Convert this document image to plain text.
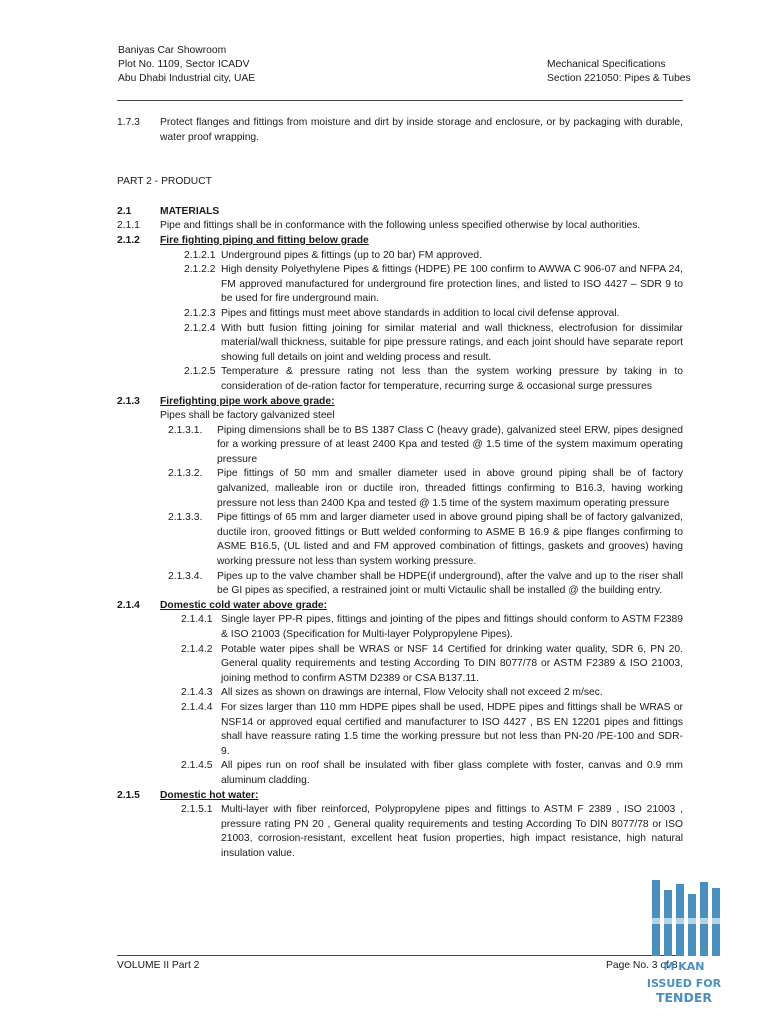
Baniyas Car Showroom
Plot No. 1109, Sector ICADV
Abu Dhabi Industrial city, UAE
Mechanical Specifications
Section 221050: Pipes & Tubes
1.7.3	Protect flanges and fittings from moisture and dirt by inside storage and enclosure, or by packaging with durable, water proof wrapping.
PART 2 - PRODUCT
2.1	MATERIALS
2.1.1	Pipe and fittings shall be in conformance with the following unless specified otherwise by local authorities.
2.1.2	Fire fighting piping and fitting below grade
2.1.2.1 Underground pipes & fittings (up to 20 bar) FM approved.
2.1.2.2 High density Polyethylene Pipes & fittings (HDPE) PE 100 confirm to AWWA C 906-07 and NFPA 24, FM approved manufactured for underground fire protection lines, and listed to ISO 4427 – SDR 9 to be used for fire underground main.
2.1.2.3 Pipes and fittings must meet above standards in addition to local civil defense approval.
2.1.2.4 With butt fusion fitting joining for similar material and wall thickness, electrofusion for dissimilar material/wall thickness, suitable for pipe pressure ratings, and each joint should have separate report showing full details on joint and welding process and result.
2.1.2.5 Temperature & pressure rating not less than the system working pressure by taking in to consideration of de-ration factor for temperature, recurring surge & occasional surge pressures
2.1.3	Firefighting pipe work above grade:
Pipes shall be factory galvanized steel
2.1.3.1.	Piping dimensions shall be to BS 1387 Class C (heavy grade), galvanized steel ERW, pipes designed for a working pressure of at least 2400 Kpa and tested @ 1.5 time of the system maximum operating pressure
2.1.3.2.	Pipe fittings of 50 mm and smaller diameter used in above ground piping shall be of factory galvanized, malleable iron or ductile iron, threaded fittings confirming to B16.3, having working pressure not less than 2400 Kpa and tested @ 1.5 time of the system maximum operating pressure
2.1.3.3.	Pipe fittings of 65 mm and larger diameter used in above ground piping shall be of factory galvanized, ductile iron, grooved fittings or Butt welded conforming to ASME B 16.9 & pipe flanges confirming to ASME B16.5, (UL listed and and FM approved combination of fittings, gaskets and grooves) having working pressure not less than system working pressure.
2.1.3.4.	Pipes up to the valve chamber shall be HDPE(if underground), after the valve and up to the riser shall be GI pipes as specified, a restrained joint or multi Victaulic shall be installed @ the building entry.
2.1.4	Domestic cold water above grade:
2.1.4.1 Single layer PP-R pipes, fittings and jointing of the pipes and fittings should conform to ASTM F2389 & ISO 21003 (Specification for Multi-layer Polypropylene Pipes).
2.1.4.2 Potable water pipes shall be WRAS or NSF 14 Certified for drinking water quality, SDR 6, PN 20. General quality requirements and testing According To DIN 8077/78 or ASTM F2389 & ISO 21003, joining method to confirm ASTM D2389 or CSA B137.11.
2.1.4.3 All sizes as shown on drawings are internal, Flow Velocity shall not exceed 2 m/sec.
2.1.4.4 For sizes larger than 110 mm HDPE pipes shall be used, HDPE pipes and fittings shall be WRAS or NSF14 or approved equal certified and manufacturer to ISO 4427 , BS EN 12201 pipes and fittings shall have reassure rating 1.5 time the working pressure but not less than PN-20 /PE-100 and SDR-9.
2.1.4.5 All pipes run on roof shall be insulated with fiber glass complete with foster, canvas and 0.9 mm aluminum cladding.
2.1.5	Domestic hot water:
2.1.5.1 Multi-layer with fiber reinforced, Polypropylene pipes and fittings to ASTM F 2389 , ISO 21003 , pressure rating PN 20 , General quality requirements and testing According To DIN 8077/78 or ISO 21003, corrosion-resistant, excellent heat fusion properties, high impact resistance, high natural insulation value.
VOLUME II Part 2	Page No. 3 of 8
M KAN
ISSUED FOR
TENDER
